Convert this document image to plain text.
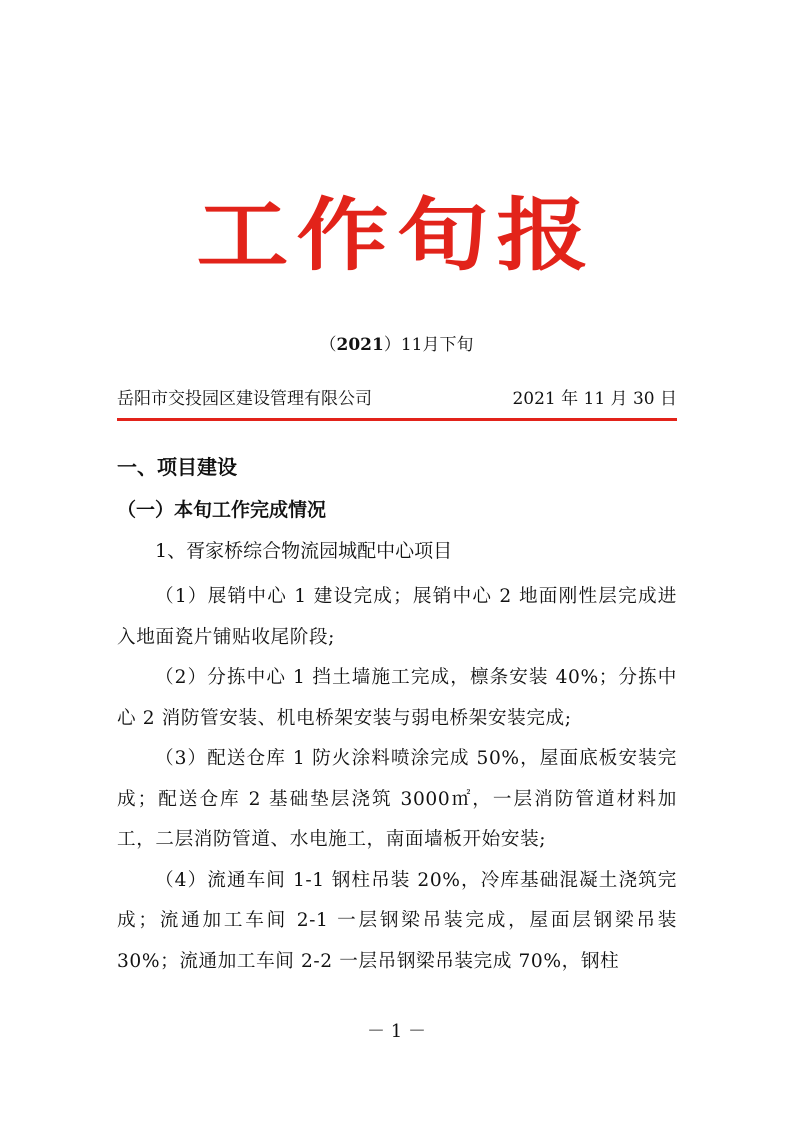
工作旬报
（2021）11月下旬
岳阳市交投园区建设管理有限公司	2021 年 11 月 30 日
一、项目建设
（一）本旬工作完成情况
1、胥家桥综合物流园城配中心项目

（1）展销中心 1 建设完成；展销中心 2 地面刚性层完成进入地面瓷片铺贴收尾阶段;

（2）分拣中心 1 挡土墙施工完成，檩条安装 40%；分拣中心 2 消防管安装、机电桥架安装与弱电桥架安装完成;

（3）配送仓库 1 防火涂料喷涂完成 50%，屋面底板安装完成；配送仓库 2 基础垫层浇筑 3000㎡，一层消防管道材料加工，二层消防管道、水电施工，南面墙板开始安装;

（4）流通车间 1-1 钢柱吊装 20%，冷库基础混凝土浇筑完成；流通加工车间 2-1 一层钢梁吊装完成，屋面层钢梁吊装 30%；流通加工车间 2-2 一层吊钢梁吊装完成 70%，钢柱

－ 1 －
